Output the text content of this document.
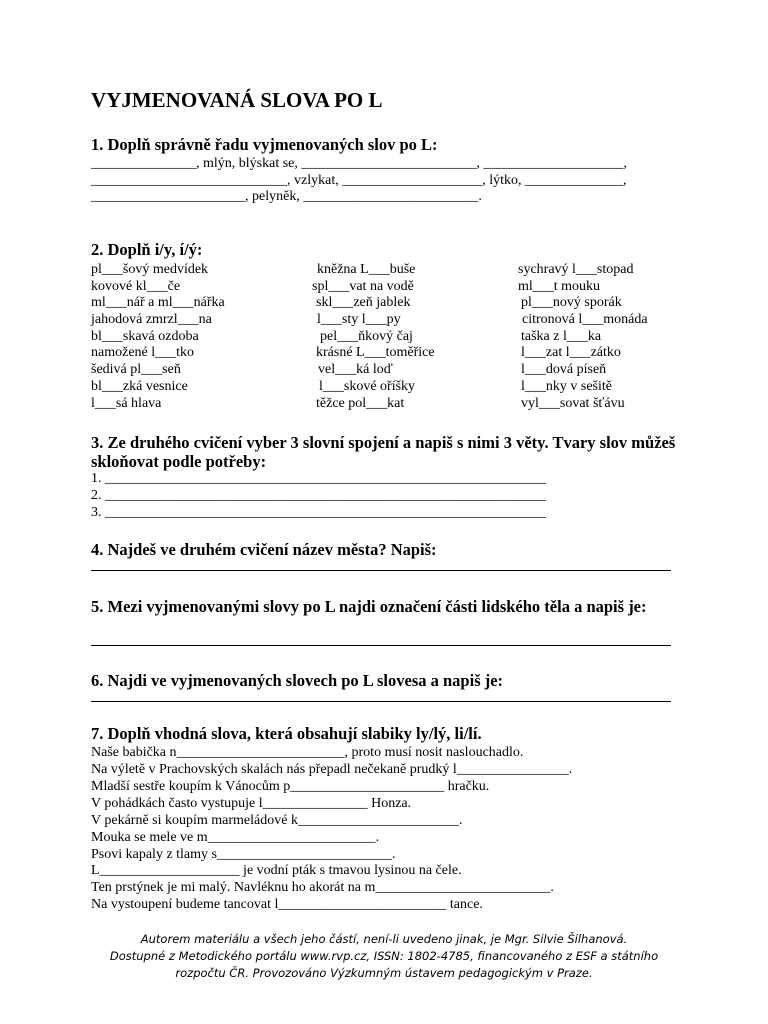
VYJMENOVANÁ SLOVA PO L
1. Doplň správně řadu vyjmenovaných slov po L:
_______________, mlýn, blýskat se, _________________________, ____________________,
____________________________, vzlykat, ____________________, lýtko, ______________,
______________________, pelyněk, _________________________.
2. Doplň i/y, í/ý:
pl___šový medvídek
kovové kl___če
ml___nář a ml___nářka
jahodová zmrzl___na
bl___skavá ozdoba
namožené l___tko
šedivá pl___seň
bl___zká vesnice
l___sá hlava
kněžna L___buše
spl___vat na vodě
skl___zeň jablek
l___sty l___py
pel___ňkový čaj
krásné L___toměřice
vel___ká loď
l___skové oříšky
těžce pol___kat
sychravý l___stopad
ml___t mouku
pl___nový sporák
citronová l___monáda
taška z l___ka
l___zat l___zátko
l___dová píseň
l___nky v sešitě
vyl___sovat šťávu
3. Ze druhého cvičení vyber 3 slovní spojení a napiš s nimi 3 věty. Tvary slov můžeš skloňovat podle potřeby:
1. _______________________________________________________________
2. _______________________________________________________________
3. _______________________________________________________________
4. Najdeš ve druhém cvičení název města? Napiš:
5. Mezi vyjmenovanými slovy po L najdi označení části lidského těla a napiš je:
6. Najdi ve vyjmenovaných slovech po L slovesa a napiš je:
7. Doplň vhodná slova, která obsahují slabiky ly/lý, li/lí.
Naše babička n________________________, proto musí nosit naslouchadlo.
Na výletě v Prachovských skalách nás přepadl nečekaně prudký l________________.
Mladší sestře koupím k Vánocům p______________________ hračku.
V pohádkách často vystupuje l_______________ Honza.
V pekárně si koupím marmeládové k_______________________.
Mouka se mele ve m________________________.
Psovi kapaly z tlamy s_________________________.
L____________________ je vodní pták s tmavou lysinou na čele.
Ten prstýnek je mi malý. Navléknu ho akorát na m_________________________.
Na vystoupení budeme tancovat l________________________ tance.
Autorem materiálu a všech jeho částí, není-li uvedeno jinak, je Mgr. Silvie Šilhanová.
Dostupné z Metodického portálu www.rvp.cz, ISSN: 1802-4785, financovaného z ESF a státního
rozpočtu ČR. Provozováno Výzkumným ústavem pedagogickým v Praze.
